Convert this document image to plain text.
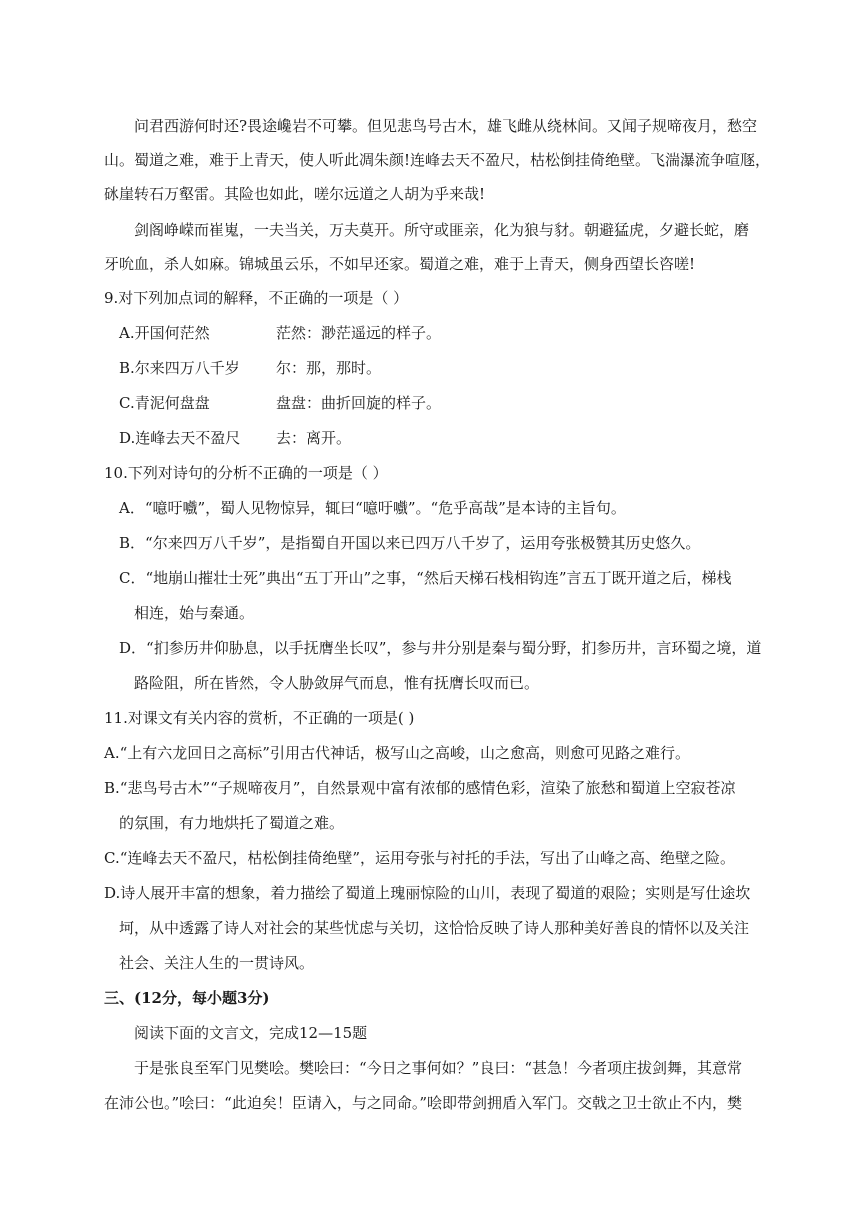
问君西游何时还?畏途巉岩不可攀。但见悲鸟号古木，雄飞雌从绕林间。又闻子规啼夜月，愁空
山。蜀道之难，难于上青天，使人听此凋朱颜!连峰去天不盈尺，枯松倒挂倚绝壁。飞湍瀑流争喧豗，
砯崖转石万壑雷。其险也如此，嗟尔远道之人胡为乎来哉!
剑阁峥嵘而崔嵬，一夫当关，万夫莫开。所守或匪亲，化为狼与豺。朝避猛虎，夕避长蛇，磨
牙吮血，杀人如麻。锦城虽云乐，不如早还家。蜀道之难，难于上青天，侧身西望长咨嗟!
9.对下列加点词的解释，不正确的一项是（ ）
A.开国何茫然	茫然：渺茫遥远的样子。
B.尔来四万八千岁 尔：那，那时。
C.青泥何盘盘	盘盘：曲折回旋的样子。
D.连峰去天不盈尺 去：离开。
10.下列对诗句的分析不正确的一项是（ ）
A．“噫吁嚱”，蜀人见物惊异，辄曰“噫吁嚱”。“危乎高哉”是本诗的主旨句。
B．“尔来四万八千岁”，是指蜀自开国以来已四万八千岁了，运用夸张极赞其历史悠久。
C．“地崩山摧壮士死”典出“五丁开山”之事，“然后天梯石栈相钩连”言五丁既开道之后，梯栈
相连，始与秦通。
D．“扪参历井仰胁息，以手抚膺坐长叹”，参与井分别是秦与蜀分野，扪参历井，言环蜀之境，道
路险阻，所在皆然，令人胁敛屏气而息，惟有抚膺长叹而已。
11.对课文有关内容的赏析，不正确的一项是( )
A.“上有六龙回日之高标”引用古代神话，极写山之高峻，山之愈高，则愈可见路之难行。
B.“悲鸟号古木”“子规啼夜月”，自然景观中富有浓郁的感情色彩，渲染了旅愁和蜀道上空寂苍凉
的氛围，有力地烘托了蜀道之难。
C.“连峰去天不盈尺，枯松倒挂倚绝壁”，运用夸张与衬托的手法，写出了山峰之高、绝壁之险。
D.诗人展开丰富的想象，着力描绘了蜀道上瑰丽惊险的山川，表现了蜀道的艰险；实则是写仕途坎
坷，从中透露了诗人对社会的某些忧虑与关切，这恰恰反映了诗人那种美好善良的情怀以及关注
社会、关注人生的一贯诗风。
三、(12分，每小题3分)
阅读下面的文言文，完成12—15题
于是张良至军门见樊哙。樊哙曰：“今日之事何如？”良曰：“甚急！今者项庄拔剑舞，其意常
在沛公也。”哙曰：“此迫矣！臣请入，与之同命。”哙即带剑拥盾入军门。交戟之卫士欲止不内，樊
